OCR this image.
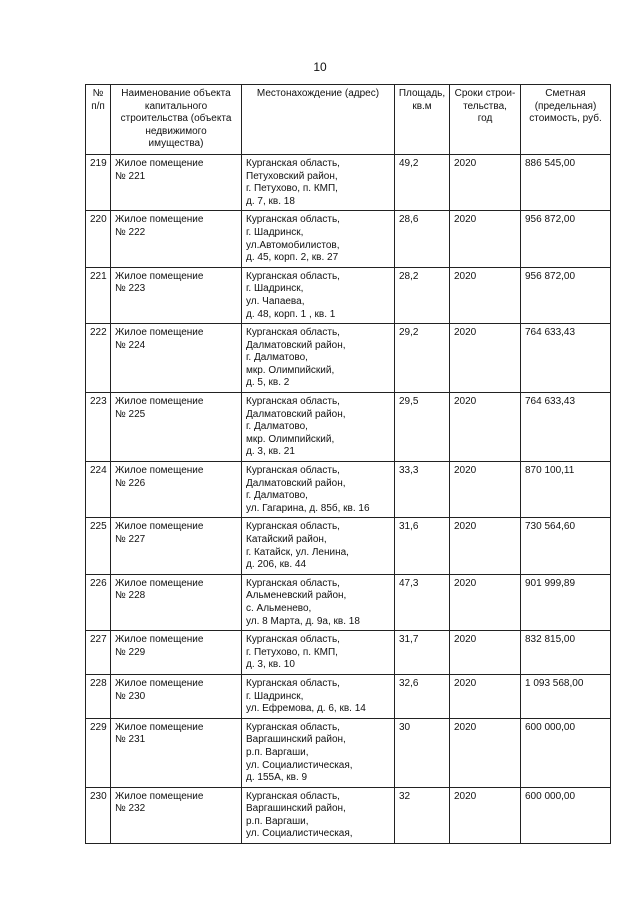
10
№
п/п	Наименование объекта
капитального
строительства (объекта
недвижимого
имущества)	Местонахождение (адрес)	Площадь,
кв.м	Сроки строи-
тельства,
год	Сметная
(предельная)
стоимость, руб.
219	Жилое помещение
№ 221	Курганская область,
Петуховский район,
г. Петухово, п. КМП,
д. 7, кв. 18	49,2	2020	886 545,00
220	Жилое помещение
№ 222	Курганская область,
г. Шадринск,
ул.Автомобилистов,
д. 45, корп. 2, кв. 27	28,6	2020	956 872,00
221	Жилое помещение
№ 223	Курганская область,
г. Шадринск,
ул. Чапаева,
д. 48, корп. 1 , кв. 1	28,2	2020	956 872,00
222	Жилое помещение
№ 224	Курганская область,
Далматовский район,
г. Далматово,
мкр. Олимпийский,
д. 5, кв. 2	29,2	2020	764 633,43
223	Жилое помещение
№ 225	Курганская область,
Далматовский район,
г. Далматово,
мкр. Олимпийский,
д. 3, кв. 21	29,5	2020	764 633,43
224	Жилое помещение
№ 226	Курганская область,
Далматовский район,
г. Далматово,
ул. Гагарина, д. 85б, кв. 16	33,3	2020	870 100,11
225	Жилое помещение
№ 227	Курганская область,
Катайский район,
г. Катайск, ул. Ленина,
д. 206, кв. 44	31,6	2020	730 564,60
226	Жилое помещение
№ 228	Курганская область,
Альменевский район,
с. Альменево,
ул. 8 Марта, д. 9а, кв. 18	47,3	2020	901 999,89
227	Жилое помещение
№ 229	Курганская область,
г. Петухово, п. КМП,
д. 3, кв. 10	31,7	2020	832 815,00
228	Жилое помещение
№ 230	Курганская область,
г. Шадринск,
ул. Ефремова, д. 6, кв. 14	32,6	2020	1 093 568,00
229	Жилое помещение
№ 231	Курганская область,
Варгашинский район,
р.п. Варгаши,
ул. Социалистическая,
д. 155А, кв. 9	30	2020	600 000,00
230	Жилое помещение
№ 232	Курганская область,
Варгашинский район,
р.п. Варгаши,
ул. Социалистическая,	32	2020	600 000,00
